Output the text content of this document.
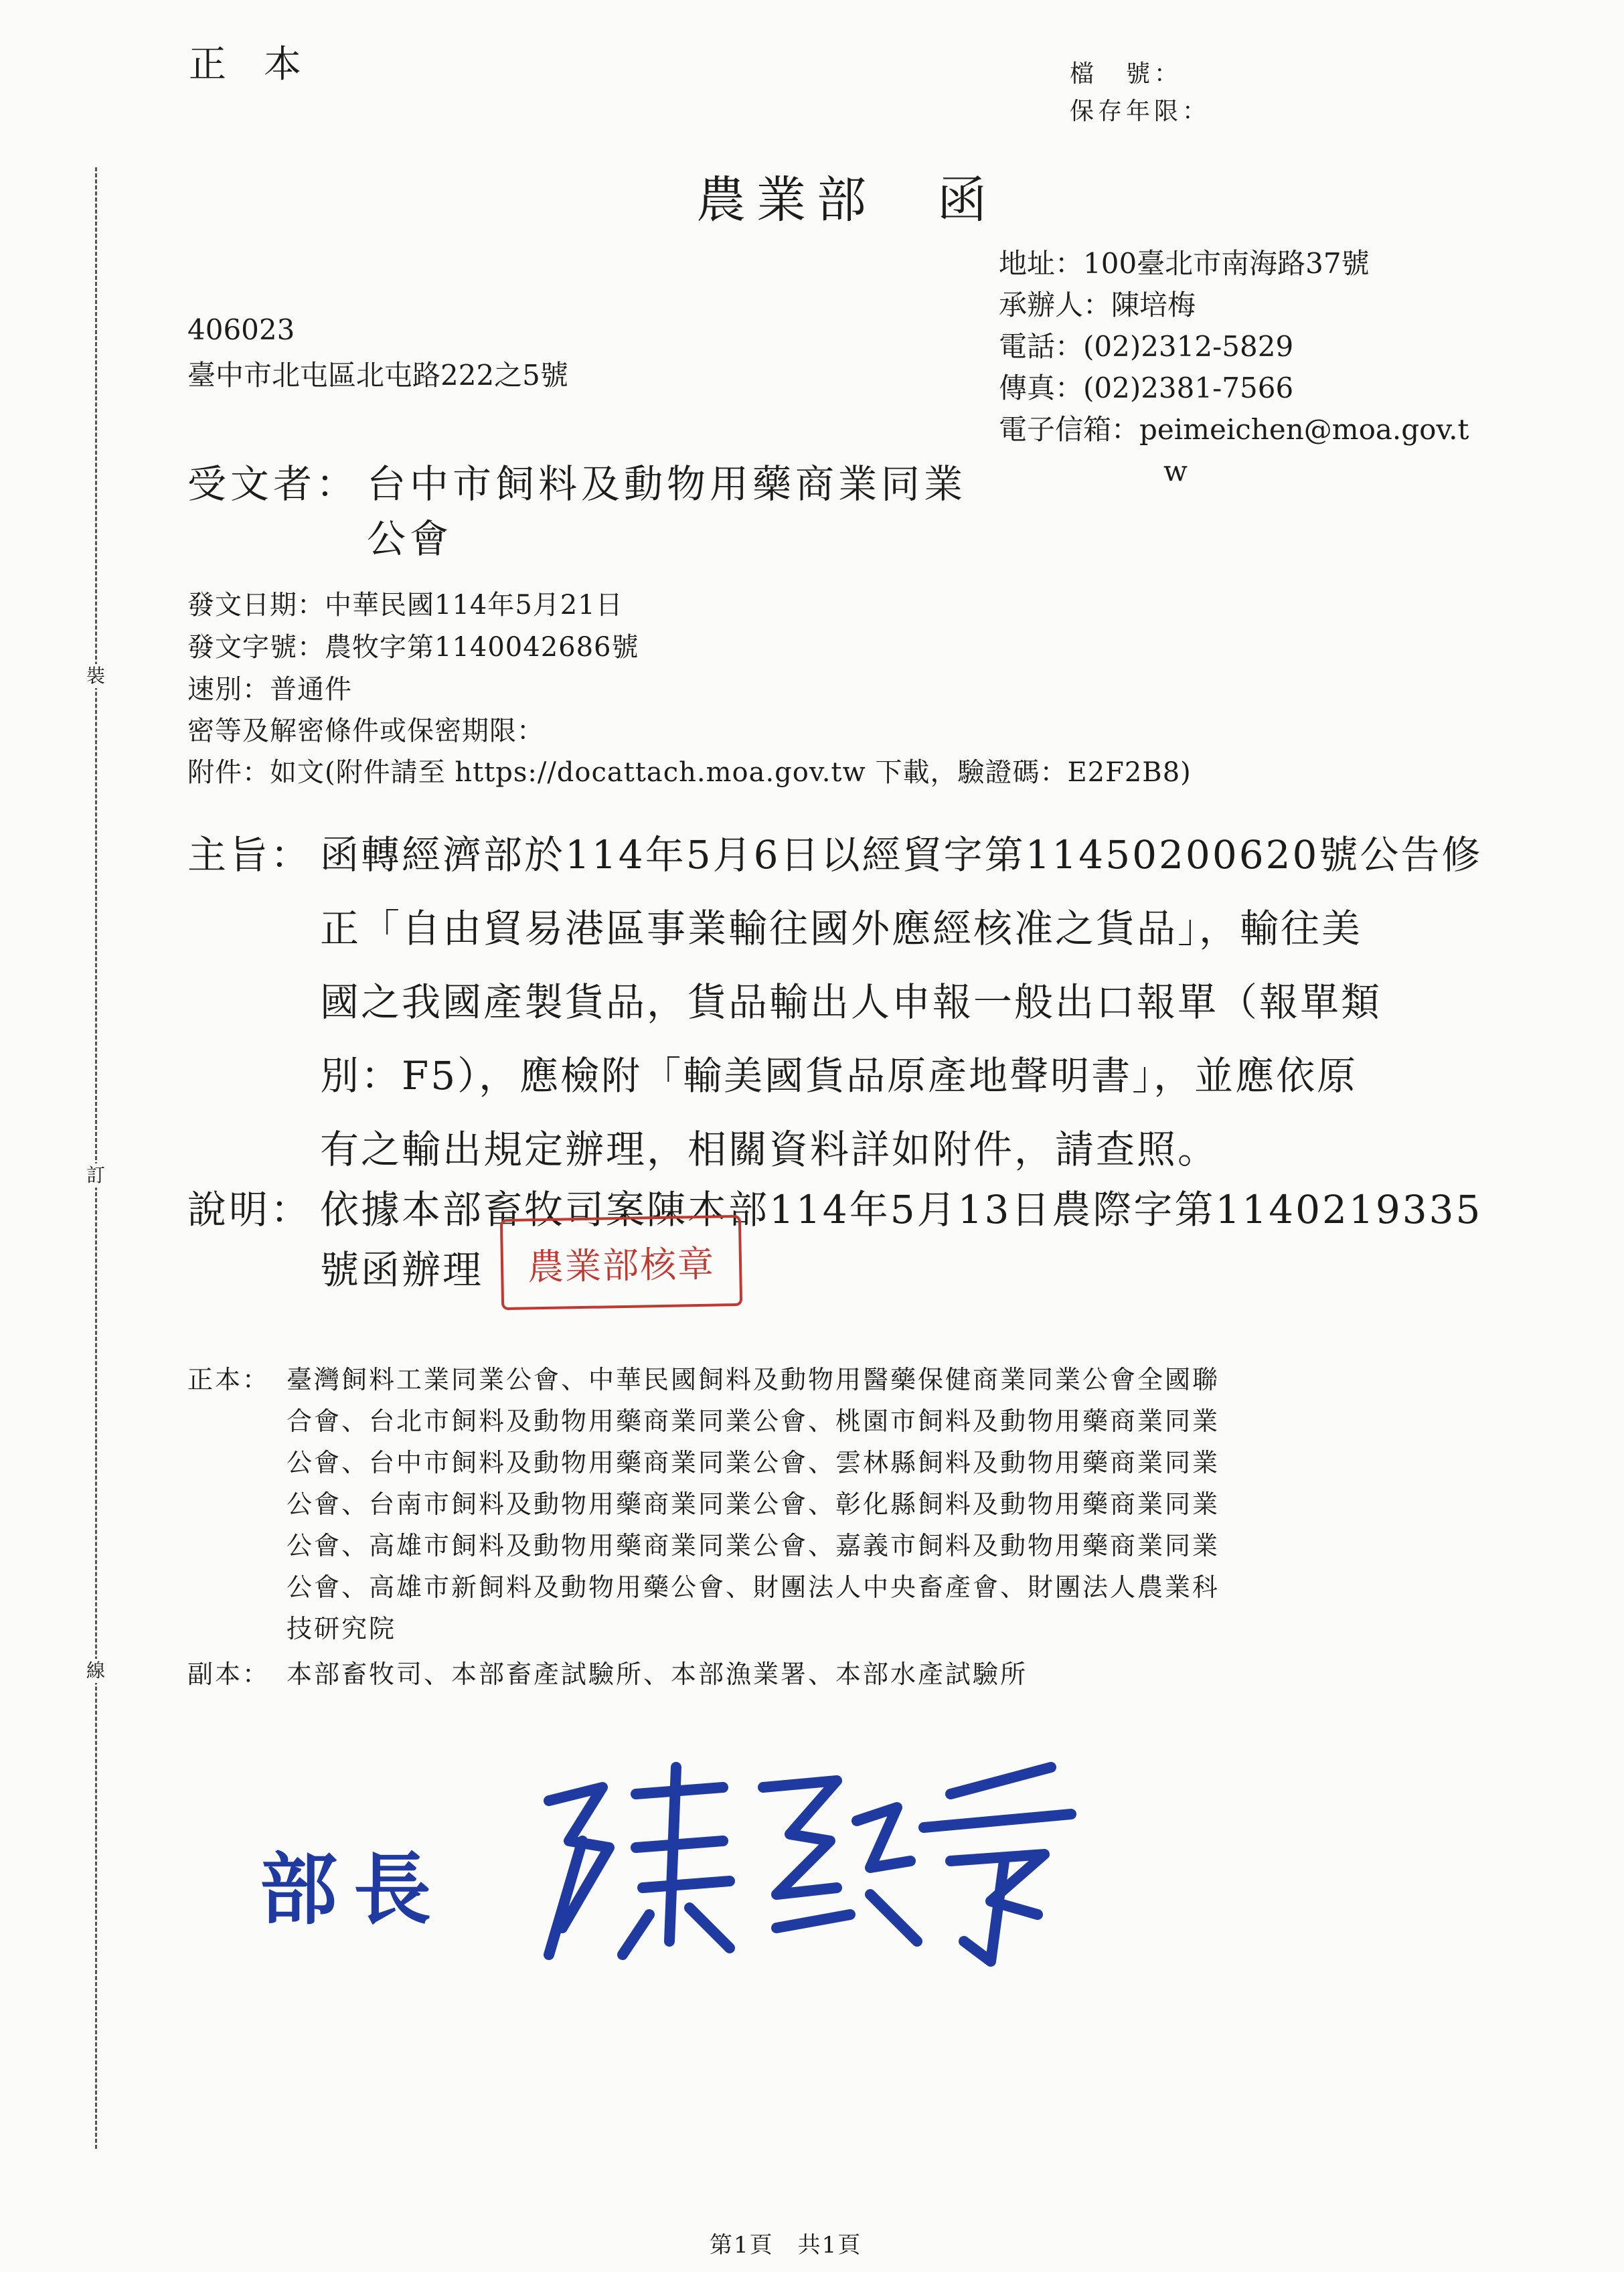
裝
訂
線
正本	檔　號：
保存年限：
農業部　函
地址：100臺北市南海路37號
承辦人：陳培梅
電話：(02)2312-5829
傳真：(02)2381-7566
電子信箱：peimeichen@moa.gov.t
w
406023
臺中市北屯區北屯路222之5號
受文者： 台中市飼料及動物用藥商業同業
公會
發文日期：中華民國114年5月21日
發文字號：農牧字第1140042686號
速別：普通件
密等及解密條件或保密期限：
附件：如文(附件請至 https://docattach.moa.gov.tw 下載，驗證碼：E2F2B8)
主旨： 函轉經濟部於114年5月6日以經貿字第11450200620號公告修
正「自由貿易港區事業輸往國外應經核准之貨品」，輸往美
國之我國產製貨品，貨品輸出人申報一般出口報單（報單類
別：F5），應檢附「輸美國貨品原產地聲明書」，並應依原
有之輸出規定辦理，相關資料詳如附件，請查照。
說明： 依據本部畜牧司案陳本部114年5月13日農際字第1140219335
號函辦理 農業部核章
正本： 臺灣飼料工業同業公會、中華民國飼料及動物用醫藥保健商業同業公會全國聯
合會、台北市飼料及動物用藥商業同業公會、桃園市飼料及動物用藥商業同業
公會、台中市飼料及動物用藥商業同業公會、雲林縣飼料及動物用藥商業同業
公會、台南市飼料及動物用藥商業同業公會、彰化縣飼料及動物用藥商業同業
公會、高雄市飼料及動物用藥商業同業公會、嘉義市飼料及動物用藥商業同業
公會、高雄市新飼料及動物用藥公會、財團法人中央畜產會、財團法人農業科
技研究院
副本： 本部畜牧司、本部畜產試驗所、本部漁業署、本部水產試驗所
部長
第1頁　共1頁
